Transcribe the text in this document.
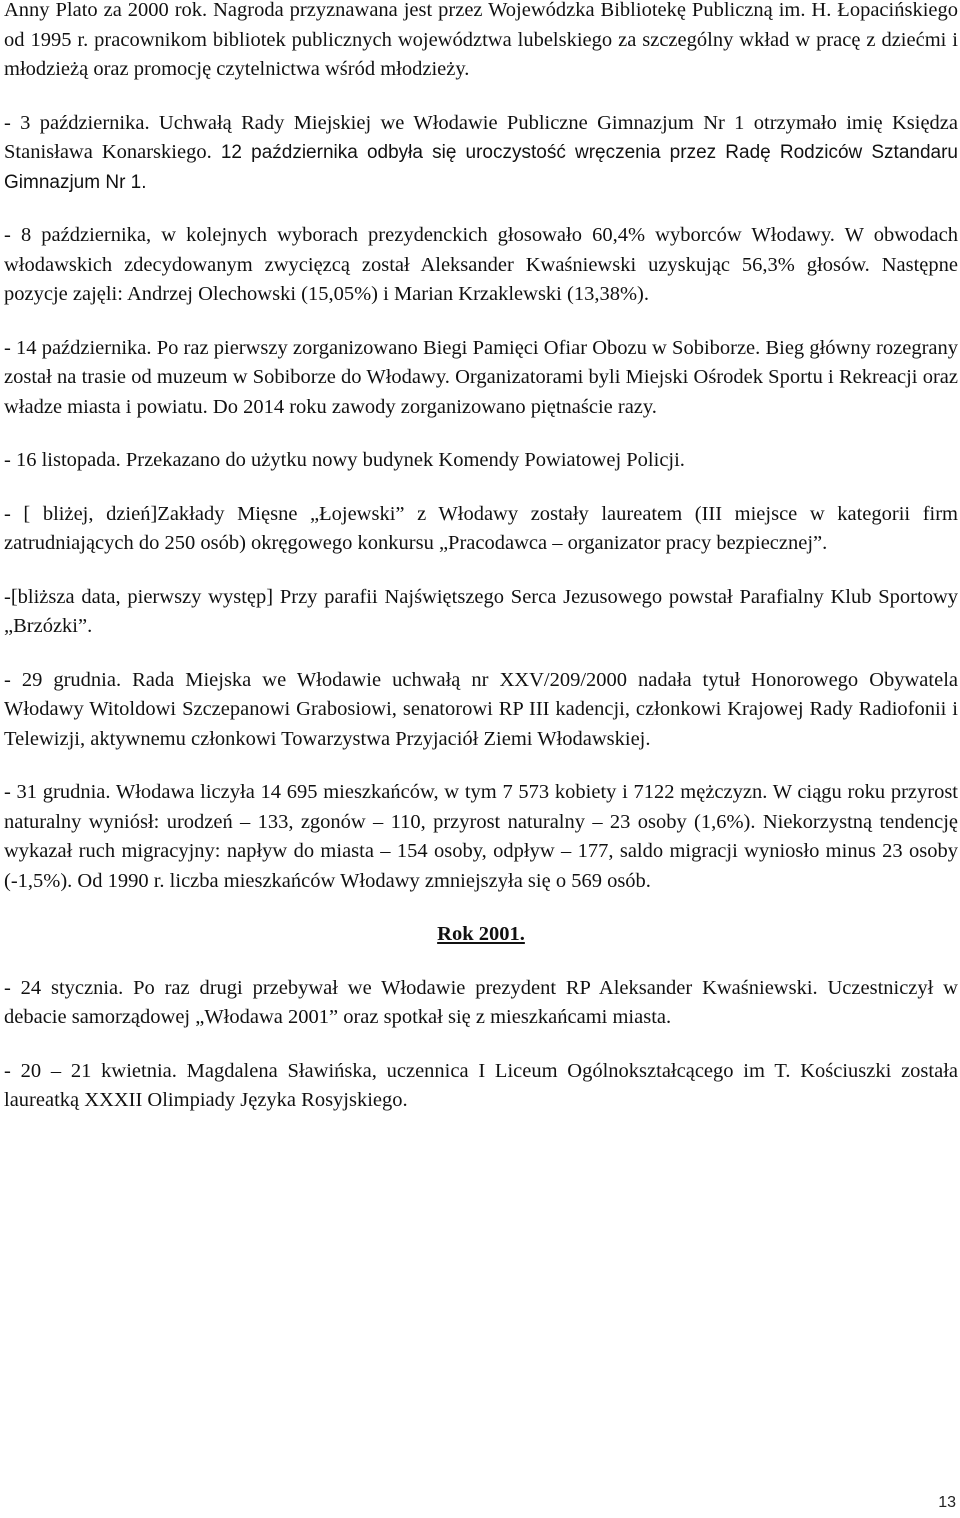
Anny Plato za 2000 rok. Nagroda przyznawana jest przez Wojewódzka Bibliotekę Publiczną im. H. Łopacińskiego od 1995 r. pracownikom bibliotek publicznych województwa lubelskiego za szczególny wkład w pracę z dziećmi i młodzieżą oraz promocję czytelnictwa wśród młodzieży.

- 3 października. Uchwałą Rady Miejskiej we Włodawie Publiczne Gimnazjum Nr 1 otrzymało imię Księdza Stanisława Konarskiego. 12 października odbyła się uroczystość wręczenia przez Radę Rodziców Sztandaru Gimnazjum Nr 1.

- 8 października, w kolejnych wyborach prezydenckich głosowało 60,4% wyborców Włodawy. W obwodach włodawskich zdecydowanym zwycięzcą został Aleksander Kwaśniewski uzyskując 56,3% głosów. Następne pozycje zajęli: Andrzej Olechowski (15,05%) i Marian Krzaklewski (13,38%).

- 14 października. Po raz pierwszy zorganizowano Biegi Pamięci Ofiar Obozu w Sobiborze. Bieg główny rozegrany został na trasie od muzeum w Sobiborze do Włodawy. Organizatorami byli Miejski Ośrodek Sportu i Rekreacji oraz władze miasta i powiatu. Do 2014 roku zawody zorganizowano piętnaście razy.

- 16 listopada. Przekazano do użytku nowy budynek Komendy Powiatowej Policji.

- [ bliżej, dzień]Zakłady Mięsne „Łojewski” z Włodawy zostały laureatem (III miejsce w kategorii firm zatrudniających do 250 osób) okręgowego konkursu „Pracodawca – organizator pracy bezpiecznej”.

-[bliższa data, pierwszy występ] Przy parafii Najświętszego Serca Jezusowego powstał Parafialny Klub Sportowy „Brzózki”.

- 29 grudnia. Rada Miejska we Włodawie uchwałą nr XXV/209/2000 nadała tytuł Honorowego Obywatela Włodawy Witoldowi Szczepanowi Grabosiowi, senatorowi RP III kadencji, członkowi Krajowej Rady Radiofonii i Telewizji, aktywnemu członkowi Towarzystwa Przyjaciół Ziemi Włodawskiej.

- 31 grudnia. Włodawa liczyła 14 695 mieszkańców, w tym 7 573 kobiety i 7122 mężczyzn. W ciągu roku przyrost naturalny wyniósł: urodzeń – 133, zgonów – 110, przyrost naturalny – 23 osoby (1,6%). Niekorzystną tendencję wykazał ruch migracyjny: napływ do miasta – 154 osoby, odpływ – 177, saldo migracji wyniosło minus 23 osoby (-1,5%). Od 1990 r. liczba mieszkańców Włodawy zmniejszyła się o 569 osób.

Rok 2001.

- 24 stycznia. Po raz drugi przebywał we Włodawie prezydent RP Aleksander Kwaśniewski. Uczestniczył w debacie samorządowej „Włodawa 2001” oraz spotkał się z mieszkańcami miasta.

- 20 – 21 kwietnia. Magdalena Sławińska, uczennica I Liceum Ogólnokształcącego im T. Kościuszki została laureatką XXXII Olimpiady Języka Rosyjskiego.

13
